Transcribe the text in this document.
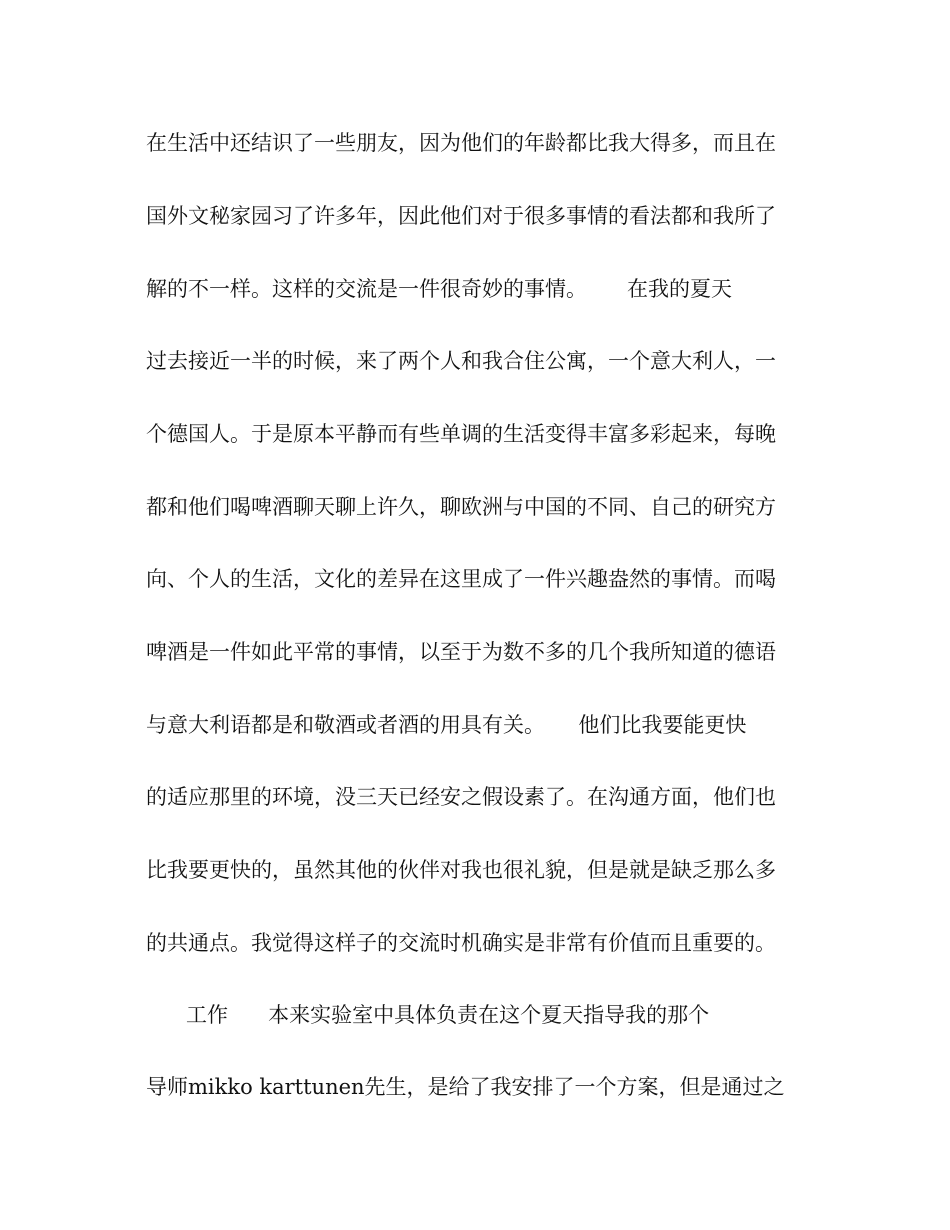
在生活中还结识了一些朋友，因为他们的年龄都比我大得多，而且在
国外文秘家园习了许多年，因此他们对于很多事情的看法都和我所了
解的不一样。这样的交流是一件很奇妙的事情。      在我的夏天
过去接近一半的时候，来了两个人和我合住公寓，一个意大利人，一
个德国人。于是原本平静而有些单调的生活变得丰富多彩起来，每晚
都和他们喝啤酒聊天聊上许久，聊欧洲与中国的不同、自己的研究方
向、个人的生活，文化的差异在这里成了一件兴趣盎然的事情。而喝
啤酒是一件如此平常的事情，以至于为数不多的几个我所知道的德语
与意大利语都是和敬酒或者酒的用具有关。     他们比我要能更快
的适应那里的环境，没三天已经安之假设素了。在沟通方面，他们也
比我要更快的，虽然其他的伙伴对我也很礼貌，但是就是缺乏那么多
的共通点。我觉得这样子的交流时机确实是非常有价值而且重要的。
工作      本来实验室中具体负责在这个夏天指导我的那个
导师mikko karttunen先生，是给了我安排了一个方案，但是通过之
